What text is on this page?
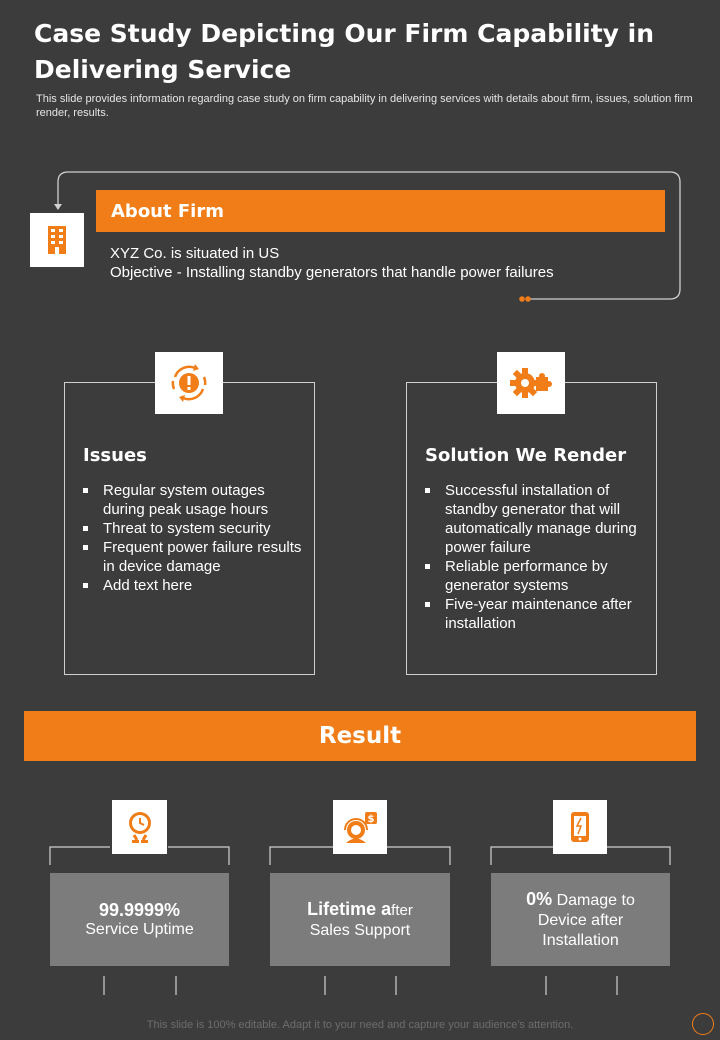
Case Study Depicting Our Firm Capability in Delivering Service
This slide provides information regarding case study on firm capability in delivering services with details about firm, issues, solution firm render, results.
About Firm
XYZ Co. is situated in US
Objective - Installing standby generators that handle power failures
Issues
Regular system outages during peak usage hours
Threat to system security
Frequent power failure results in device damage
Add text here
Solution We Render
Successful installation of standby generator that will automatically manage during power failure
Reliable performance by generator systems
Five-year maintenance after installation
Result
99.9999%
Service Uptime
$
Lifetime after
Sales Support
0% Damage to
Device after Installation
This slide is 100% editable. Adapt it to your need and capture your audience's attention.
